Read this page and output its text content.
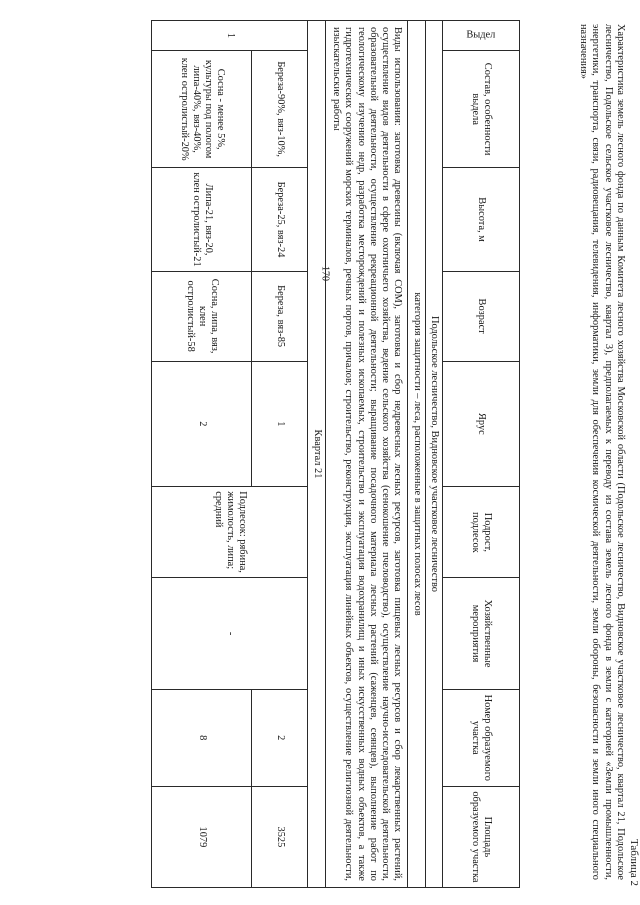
170
Таблица 2
Характеристика земель лесного фонда по данным Комитета лесного хозяйства Московской области (Подольское лесничество, Видновское участковое лесничество, квартал 21, Подольское лесничество, Подольское сельское участковое лесничество, квартал 3), предполагаемых к переводу из состава земель лесного фонда в земли с категорией «Земли промышленности, энергетики, транспорта, связи, радиовещания, телевидения, информатики, земли для обеспечения космической деятельности, земли обороны, безопасности и земли иного специального назначения»
Выдел	Состав, особенности выдела	Высота, м	Возраст	Ярус	Подрост, подлесок	Хозяйственные мероприятия	Номер образуемого участка	Площадь образуемого участка
Подольское лесничество, Видновское участковое лесничество								
категория защитности – леса, расположенные в защитных полосах лесов								
Виды использования: заготовка древесины (включая СОМ), заготовка и сбор недревесных лесных ресурсов, заготовка пищевых лесных ресурсов и сбор лекарственных растений, осуществление видов деятельности в сфере охотничьего хозяйства, ведение сельского хозяйства (сенокошение пчеловодство), осуществление научно-исследовательской деятельности, образовательной деятельности, осуществление рекреационной деятельности; выращивание посадочного материала лесных растений (саженцев, сеянцев), выполнение работ по геологическому изучению недр, разработка месторождений и полезных ископаемых, строительство и эксплуатация водохранилищ и иных искусственных водных объектов, а также гидротехнических сооружений морских терминалов, речных портов, причалов; строительство, реконструкция, эксплуатация линейных объектов, осуществление религиозной деятельности, изыскательские работы								
Квартал 21								
1	Береза-90%, вяз-10%,	Береза-25, вяз-24	Береза, вяз-85	1	Подлесок: рябина, жимолость, липа; средний	-	2	3525
	Сосна - менее 5%, культуры под пологом липа-40%, вяз-40%, клен остролистый-20%	Липа-21, вяз-20, клен остролистый-21	Сосна, липа, вяз, клен остролистый-58	2			8	1079
